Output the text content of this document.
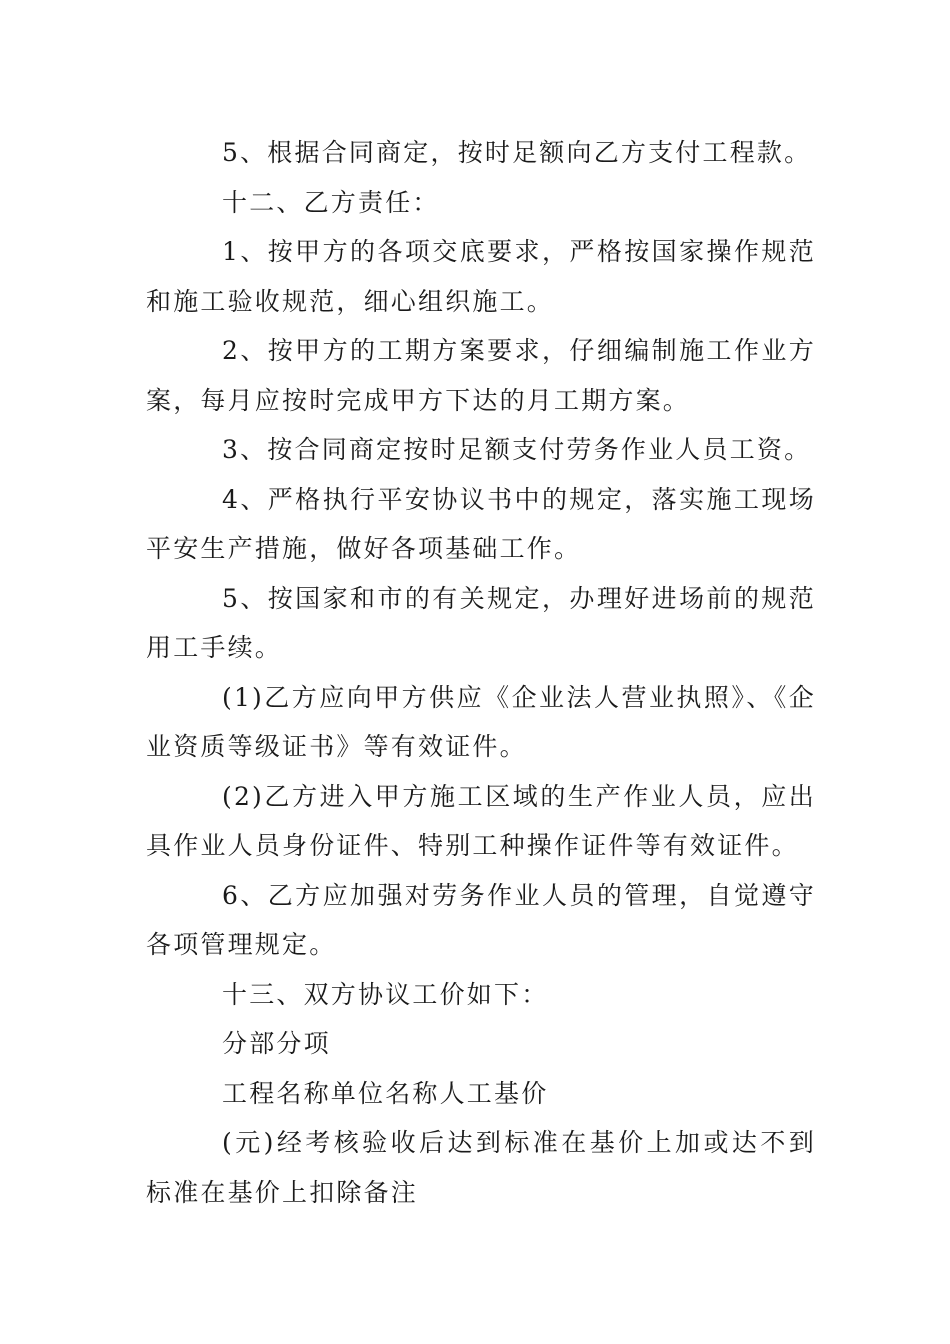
5、根据合同商定，按时足额向乙方支付工程款。

十二、乙方责任：

1、按甲方的各项交底要求，严格按国家操作规范和施工验收规范，细心组织施工。

2、按甲方的工期方案要求，仔细编制施工作业方案，每月应按时完成甲方下达的月工期方案。

3、按合同商定按时足额支付劳务作业人员工资。

4、严格执行平安协议书中的规定，落实施工现场平安生产措施，做好各项基础工作。

5、按国家和市的有关规定，办理好进场前的规范用工手续。

(1)乙方应向甲方供应《企业法人营业执照》、《企业资质等级证书》等有效证件。

(2)乙方进入甲方施工区域的生产作业人员，应出具作业人员身份证件、特别工种操作证件等有效证件。

6、乙方应加强对劳务作业人员的管理，自觉遵守各项管理规定。

十三、双方协议工价如下：

分部分项

工程名称单位名称人工基价

(元)经考核验收后达到标准在基价上加或达不到标准在基价上扣除备注
